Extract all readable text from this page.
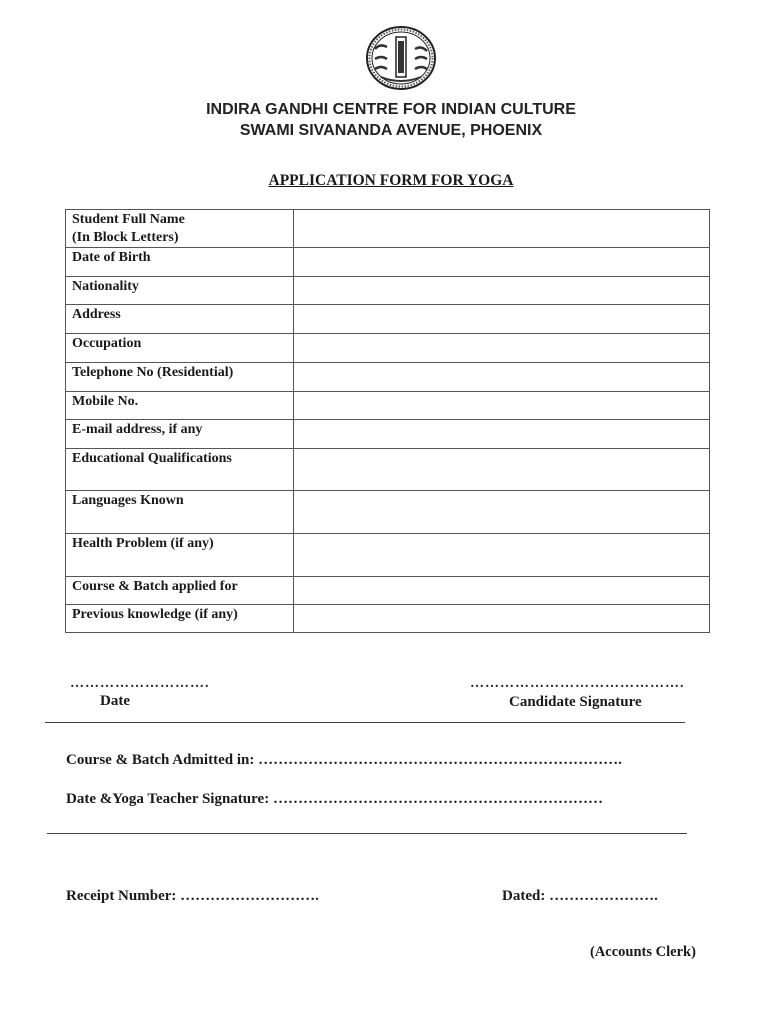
INDIRA GANDHI CENTRE FOR INDIAN CULTURE
SWAMI SIVANANDA AVENUE, PHOENIX
APPLICATION FORM FOR YOGA
Student Full Name
(In Block Letters)	
Date of Birth	
Nationality	
Address	
Occupation	
Telephone No (Residential)	
Mobile No.	
E-mail address, if any	
Educational Qualifications	
Languages Known	
Health Problem (if any)	
Course & Batch applied for	
Previous knowledge (if any)	
……………………….
Date
…………………………………….
Candidate Signature
Course & Batch Admitted in: ……………………………………………………………….
Date &Yoga Teacher Signature: …………………………………………………………
Receipt Number: ……………………….	Dated: ………………….
(Accounts Clerk)
